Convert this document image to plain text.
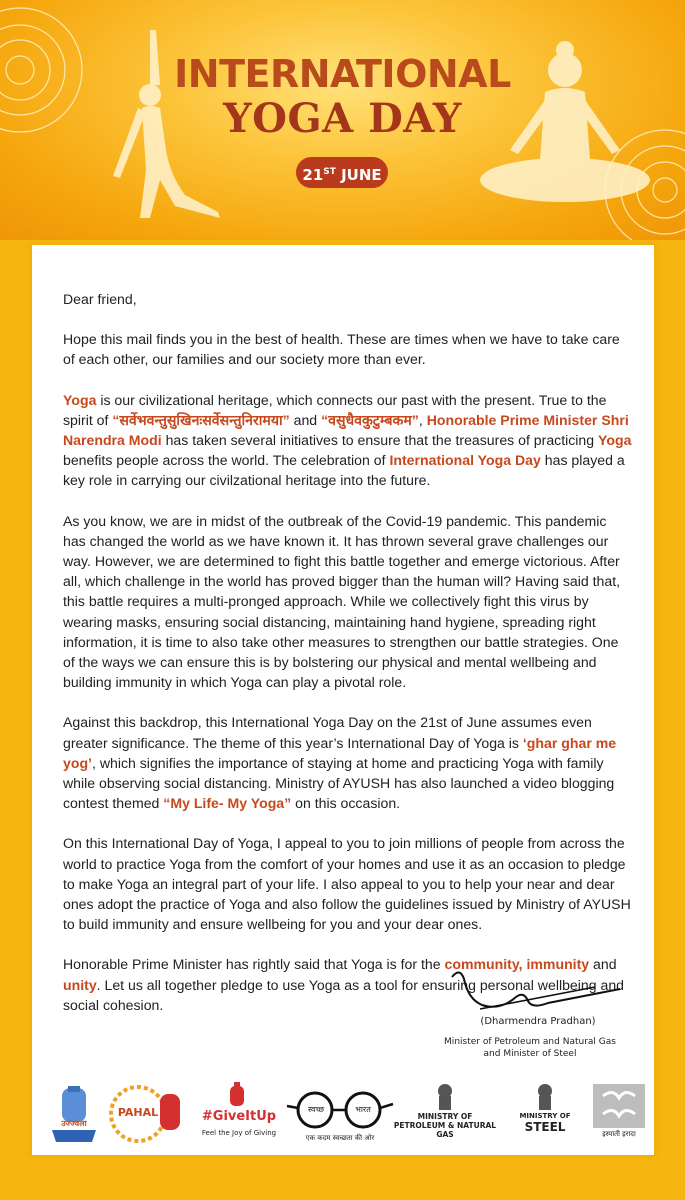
INTERNATIONAL
YOGA DAY
21ST JUNE

Dear friend,

Hope this mail finds you in the best of health. These are times when we have to take care of each other, our families and our society more than ever.

Yoga is our civilizational heritage, which connects our past with the present. True to the spirit of “सर्वेभवन्तुसुखिनःसर्वेसन्तुनिरामया” and “वसुधैवकुटुम्बकम”, Honorable Prime Minister Shri Narendra Modi has taken several initiatives to ensure that the treasures of practicing Yoga benefits people across the world. The celebration of International Yoga Day has played a key role in carrying our civilzational heritage into the future.

As you know, we are in midst of the outbreak of the Covid-19 pandemic. This pandemic has changed the world as we have known it. It has thrown several grave challenges our way. However, we are determined to fight this battle together and emerge victorious. After all, which challenge in the world has proved bigger than the human will? Having said that, this battle requires a multi-pronged approach. While we collectively fight this virus by wearing masks, ensuring social distancing, maintaining hand hygiene, spreading right information, it is time to also take other measures to strengthen our battle strategies. One of the ways we can ensure this is by bolstering our physical and mental wellbeing and building immunity in which Yoga can play a pivotal role.

Against this backdrop, this International Yoga Day on the 21st of June assumes even greater significance. The theme of this year’s International Day of Yoga is ‘ghar ghar me yog’, which signifies the importance of staying at home and practicing Yoga with family while observing social distancing. Ministry of AYUSH has also launched a video blogging contest themed “My Life- My Yoga” on this occasion.

On this International Day of Yoga, I appeal to you to join millions of people from across the world to practice Yoga from the comfort of your homes and use it as an occasion to pledge to make Yoga an integral part of your life. I also appeal to you to help your near and dear ones adopt the practice of Yoga and also follow the guidelines issued by Ministry of AYUSH to build immunity and ensure wellbeing for you and your dear ones.

Honorable Prime Minister has rightly said that Yoga is for the community, immunity and unity. Let us all together pledge to use Yoga as a tool for ensuring personal wellbeing and social cohesion.

(Dharmendra Pradhan)
Minister of Petroleum and Natural Gas
and Minister of Steel
उज्ज्वला
PAHAL	#GiveItUp
Feel the Joy of Giving
स्वच्छ	भारत
एक कदम स्वच्छता की ओर
MINISTRY OF
PETROLEUM & NATURAL GAS
MINISTRY OF
STEEL	इस्पाती इरादा
